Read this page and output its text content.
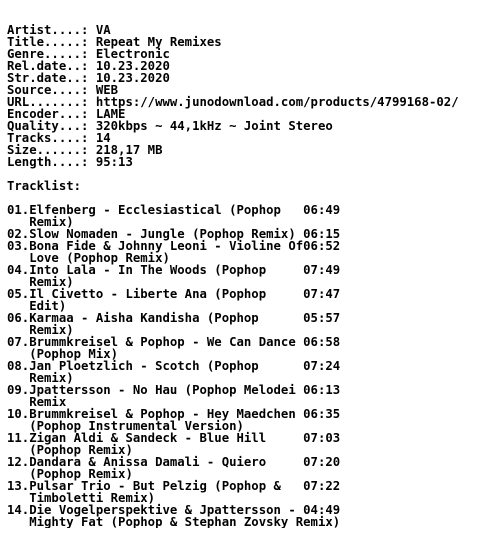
Artist....: VA
Title.....: Repeat My Remixes
Genre.....: Electronic
Rel.date..: 10.23.2020
Str.date..: 10.23.2020
Source....: WEB
URL.......: https://www.junodownload.com/products/4799168-02/
Encoder...: LAME
Quality...: 320kbps ~ 44,1kHz ~ Joint Stereo
Tracks....: 14
Size......: 218,17 MB
Length....: 95:13
Tracklist:
01.Elfenberg - Ecclesiastical (Pophop   06:49
Remix)
02.Slow Nomaden - Jungle (Pophop Remix) 06:15
03.Bona Fide & Johnny Leoni - Violine Of06:52
Love (Pophop Remix)
04.Into Lala - In The Woods (Pophop     07:49
Remix)
05.Il Civetto - Liberte Ana (Pophop     07:47
Edit)
06.Karmaa - Aisha Kandisha (Pophop      05:57
Remix)
07.Brummkreisel & Pophop - We Can Dance 06:58
(Pophop Mix)
08.Jan Ploetzlich - Scotch (Pophop      07:24
Remix)
09.Jpattersson - No Hau (Pophop Melodei 06:13
Remix
10.Brummkreisel & Pophop - Hey Maedchen 06:35
(Pophop Instrumental Version)
11.Zigan Aldi & Sandeck - Blue Hill     07:03
(Pophop Remix)
12.Dandara & Anissa Damali - Quiero     07:20
(Pophop Remix)
13.Pulsar Trio - But Pelzig (Pophop &   07:22
Timboletti Remix)
14.Die Vogelperspektive & Jpattersson - 04:49
Mighty Fat (Pophop & Stephan Zovsky Remix)
